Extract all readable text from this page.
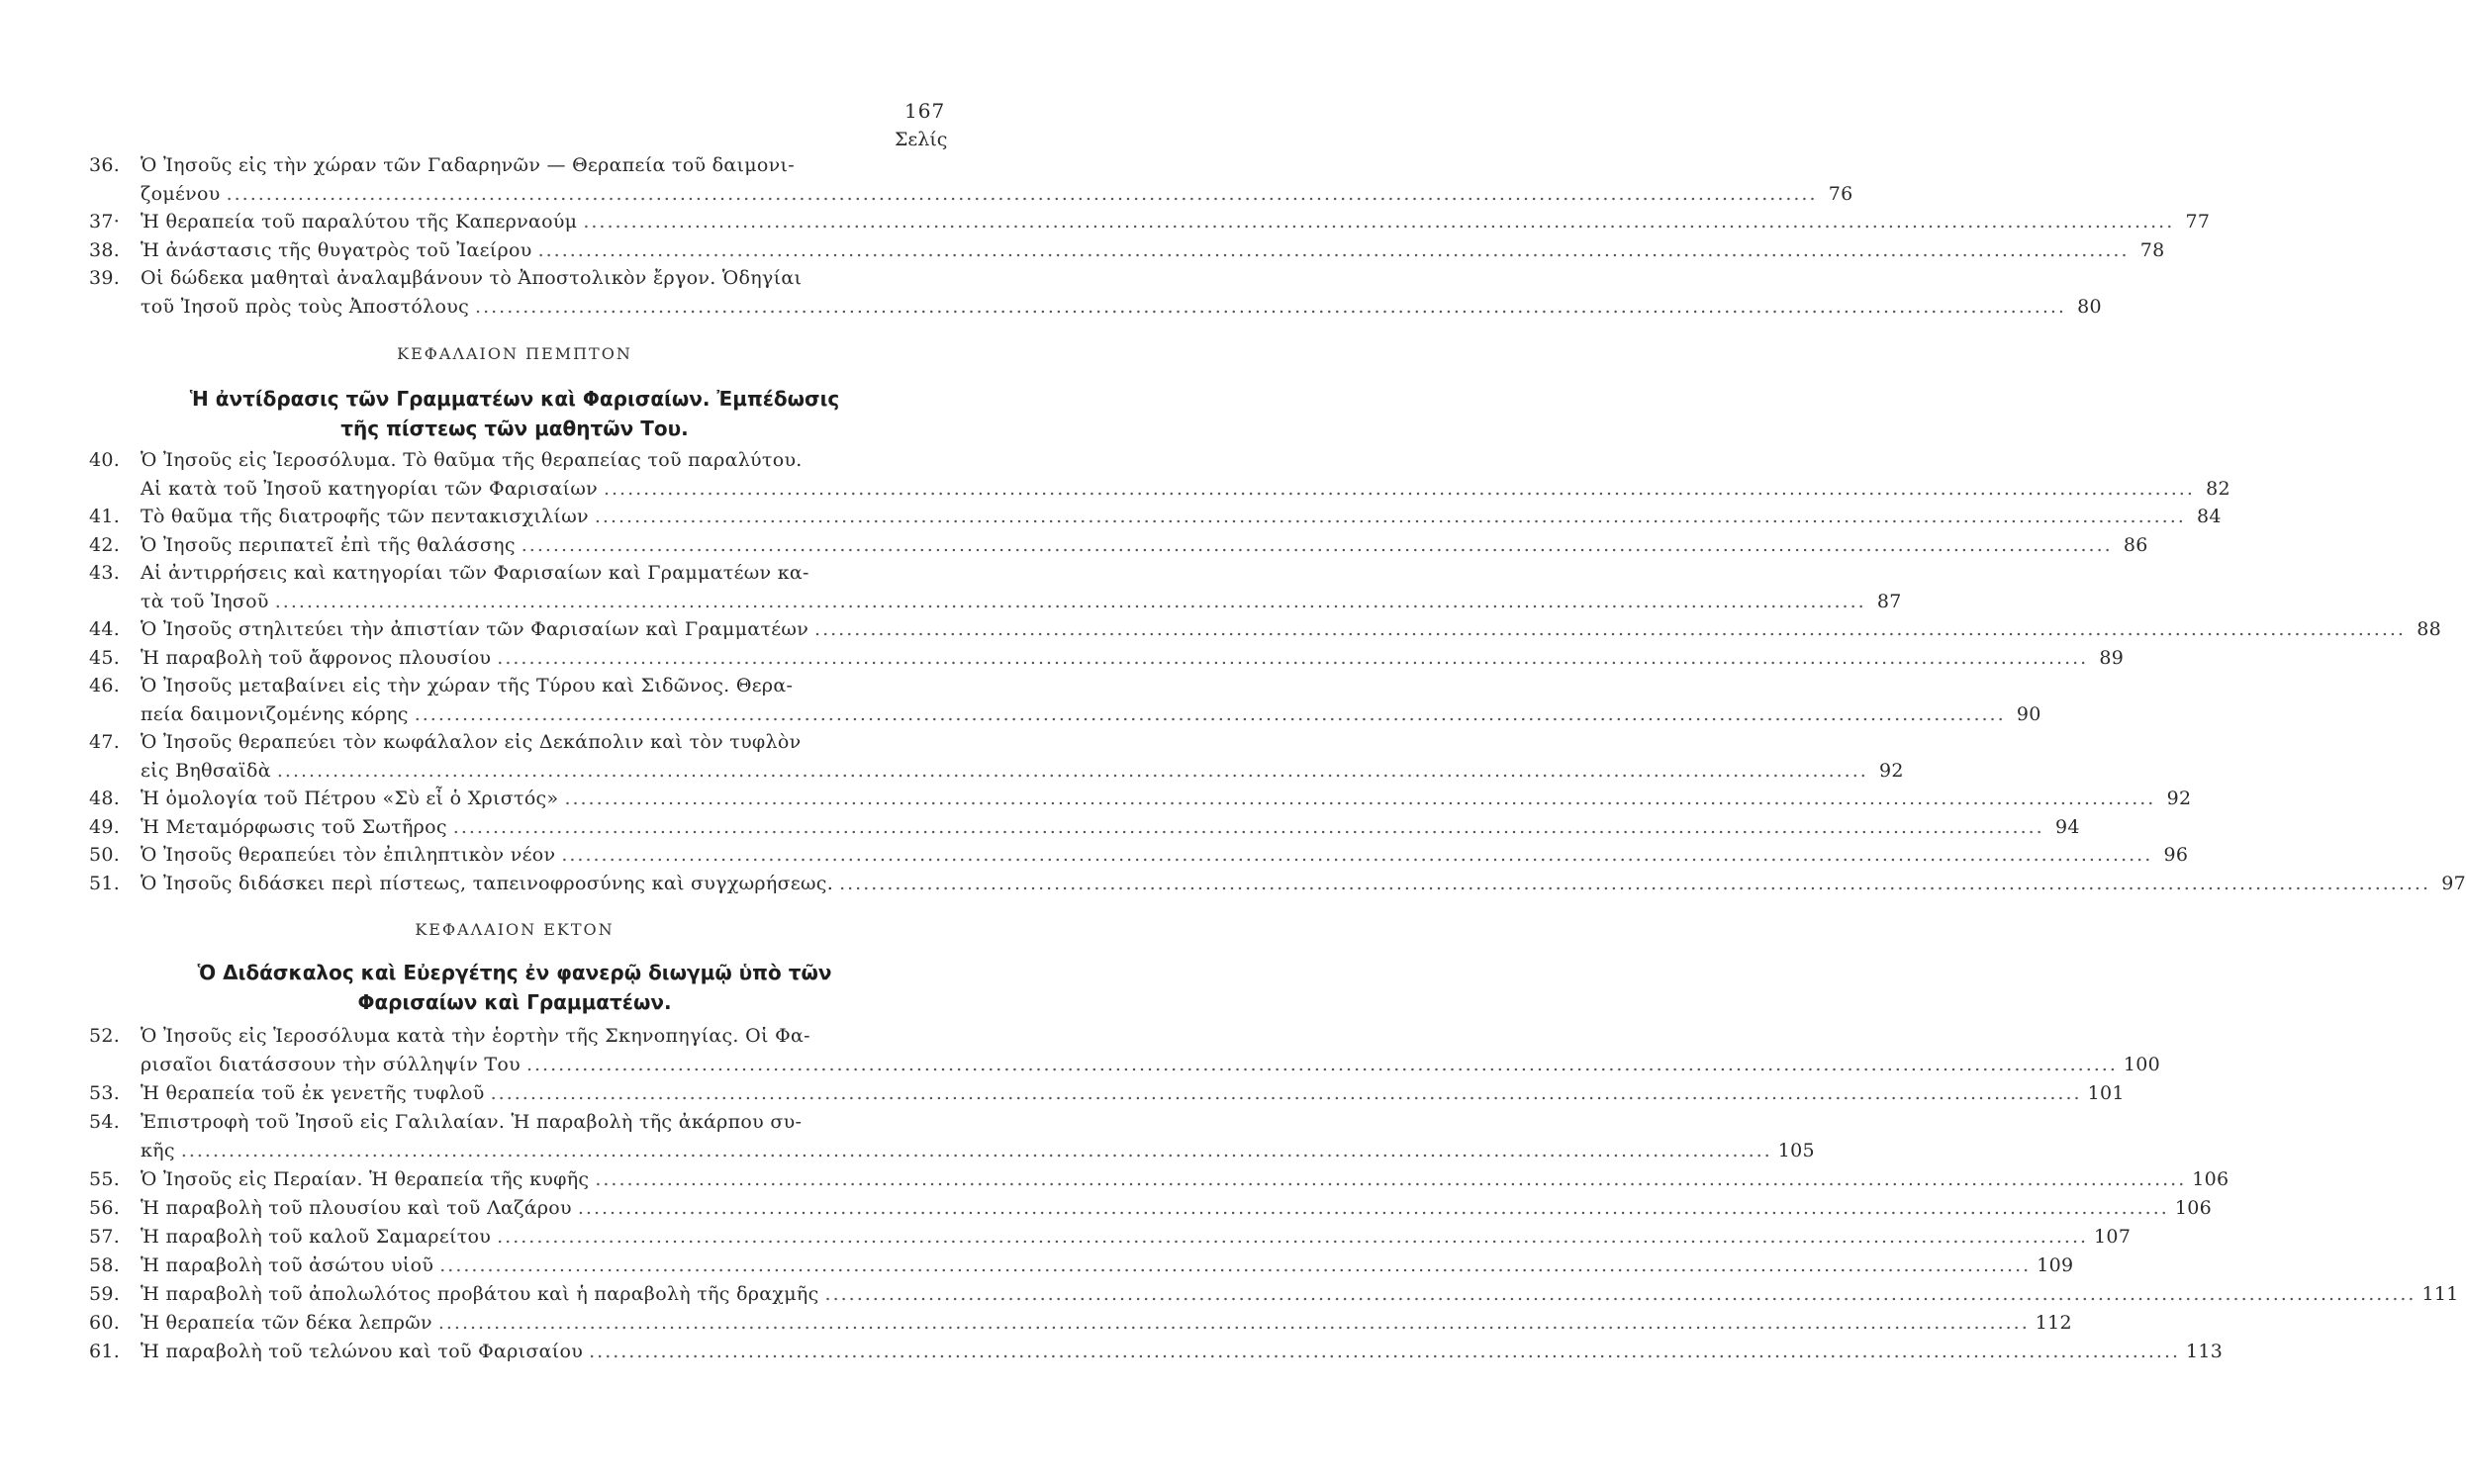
167
Σελίς
36.	Ὁ Ἰησοῦς εἰς τὴν χώραν τῶν Γαδαρηνῶν — Θεραπεία τοῦ δαιμονι-
ζομένου ........................................................................................................................................................................................................ 76
37·	Ἡ θεραπεία τοῦ παραλύτου τῆς Καπερναούμ ........................................................................................................................................................................................................ 77
38.	Ἡ ἀνάστασις τῆς θυγατρὸς τοῦ Ἰαείρου ........................................................................................................................................................................................................ 78
39.	Οἱ δώδεκα μαθηταὶ ἀναλαμβάνουν τὸ Ἀποστολικὸν ἔργον. Ὁδηγίαι
τοῦ Ἰησοῦ πρὸς τοὺς Ἀποστόλους ........................................................................................................................................................................................................ 80
ΚΕΦΑΛΑΙΟΝ ΠΕΜΠΤΟΝ
Ἡ ἀντίδρασις τῶν Γραμματέων καὶ Φαρισαίων. Ἐμπέδωσις
τῆς πίστεως τῶν μαθητῶν Του.
40.	Ὁ Ἰησοῦς εἰς Ἱεροσόλυμα. Τὸ θαῦμα τῆς θεραπείας τοῦ παραλύτου.
Αἱ κατὰ τοῦ Ἰησοῦ κατηγορίαι τῶν Φαρισαίων ........................................................................................................................................................................................................ 82
41.	Τὸ θαῦμα τῆς διατροφῆς τῶν πεντακισχιλίων ........................................................................................................................................................................................................ 84
42.	Ὁ Ἰησοῦς περιπατεῖ ἐπὶ τῆς θαλάσσης ........................................................................................................................................................................................................ 86
43.	Αἱ ἀντιρρήσεις καὶ κατηγορίαι τῶν Φαρισαίων καὶ Γραμματέων κα-
τὰ τοῦ Ἰησοῦ ........................................................................................................................................................................................................ 87
44.	Ὁ Ἰησοῦς στηλιτεύει τὴν ἀπιστίαν τῶν Φαρισαίων καὶ Γραμματέων ........................................................................................................................................................................................................ 88
45.	Ἡ παραβολὴ τοῦ ἄφρονος πλουσίου ........................................................................................................................................................................................................ 89
46.	Ὁ Ἰησοῦς μεταβαίνει εἰς τὴν χώραν τῆς Τύρου καὶ Σιδῶνος. Θερα-
πεία δαιμονιζομένης κόρης ........................................................................................................................................................................................................ 90
47.	Ὁ Ἰησοῦς θεραπεύει τὸν κωφάλαλον εἰς Δεκάπολιν καὶ τὸν τυφλὸν
εἰς Βηθσαϊδὰ ........................................................................................................................................................................................................ 92
48.	Ἡ ὁμολογία τοῦ Πέτρου «Σὺ εἶ ὁ Χριστός» ........................................................................................................................................................................................................ 92
49.	Ἡ Μεταμόρφωσις τοῦ Σωτῆρος ........................................................................................................................................................................................................ 94
50.	Ὁ Ἰησοῦς θεραπεύει τὸν ἐπιληπτικὸν νέον ........................................................................................................................................................................................................ 96
51.	Ὁ Ἰησοῦς διδάσκει περὶ πίστεως, ταπεινοφροσύνης καὶ συγχωρήσεως. ........................................................................................................................................................................................................ 97
ΚΕΦΑΛΑΙΟΝ ΕΚΤΟΝ
Ὁ Διδάσκαλος καὶ Εὐεργέτης ἐν φανερῷ διωγμῷ ὑπὸ τῶν
Φαρισαίων καὶ Γραμματέων.
52.	Ὁ Ἰησοῦς εἰς Ἱεροσόλυμα κατὰ τὴν ἑορτὴν τῆς Σκηνοπηγίας. Οἱ Φα-
ρισαῖοι διατάσσουν τὴν σύλληψίν Του ........................................................................................................................................................................................................ 100
53.	Ἡ θεραπεία τοῦ ἐκ γενετῆς τυφλοῦ ........................................................................................................................................................................................................ 101
54.	Ἐπιστροφὴ τοῦ Ἰησοῦ εἰς Γαλιλαίαν. Ἡ παραβολὴ τῆς ἀκάρπου συ-
κῆς ........................................................................................................................................................................................................ 105
55.	Ὁ Ἰησοῦς εἰς Περαίαν. Ἡ θεραπεία τῆς κυφῆς ........................................................................................................................................................................................................ 106
56.	Ἡ παραβολὴ τοῦ πλουσίου καὶ τοῦ Λαζάρου ........................................................................................................................................................................................................ 106
57.	Ἡ παραβολὴ τοῦ καλοῦ Σαμαρείτου ........................................................................................................................................................................................................ 107
58.	Ἡ παραβολὴ τοῦ ἀσώτου υἱοῦ ........................................................................................................................................................................................................ 109
59.	Ἡ παραβολὴ τοῦ ἀπολωλότος προβάτου καὶ ἡ παραβολὴ τῆς δραχμῆς ........................................................................................................................................................................................................ 111
60.	Ἡ θεραπεία τῶν δέκα λεπρῶν ........................................................................................................................................................................................................ 112
61.	Ἡ παραβολὴ τοῦ τελώνου καὶ τοῦ Φαρισαίου ........................................................................................................................................................................................................ 113
